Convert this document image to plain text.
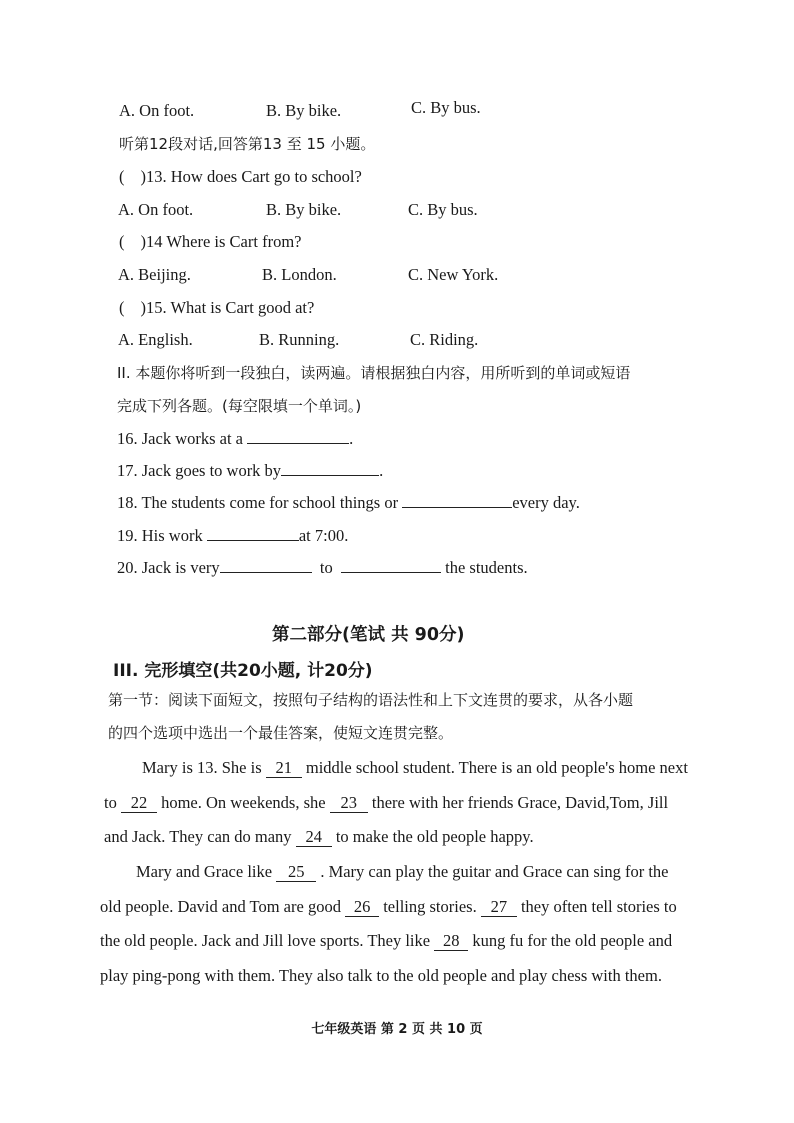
A. On foot.	B. By bike.	C. By bus.
听第12段对话,回答第13 至 15 小题。
( )13. How does Cart go to school?
A. On foot.	B. By bike.	C. By bus.
( )14 Where is Cart from?
A. Beijing.	B. London.	C. New York.
( )15. What is Cart good at?
A. English.	B. Running.	C. Riding.
II. 本题你将听到一段独白，读两遍。请根据独白内容，用所听到的单词或短语
完成下列各题。(每空限填一个单词。)
16. Jack works at a	.
17. Jack goes to work by	.
18. The students come for school things or	every day.
19. His work	at 7:00.
20. Jack is very	to	the students.
第二部分(笔试 共 90分)
III. 完形填空(共20小题, 计20分)
第一节：阅读下面短文，按照句子结构的语法性和上下文连贯的要求，从各小题
的四个选项中选出一个最佳答案，使短文连贯完整。
Mary is 13. She is 21 middle school student. There is an old people's home next
to 22 home. On weekends, she 23 there with her friends Grace, David,Tom, Jill
and Jack. They can do many 24 to make the old people happy.
Mary and Grace like 25 . Mary can play the guitar and Grace can sing for the
old people. David and Tom are good 26 telling stories. 27 they often tell stories to
the old people. Jack and Jill love sports. They like 28 kung fu for the old people and
play ping-pong with them. They also talk to the old people and play chess with them.
七年级英语 第 2 页 共 10 页
